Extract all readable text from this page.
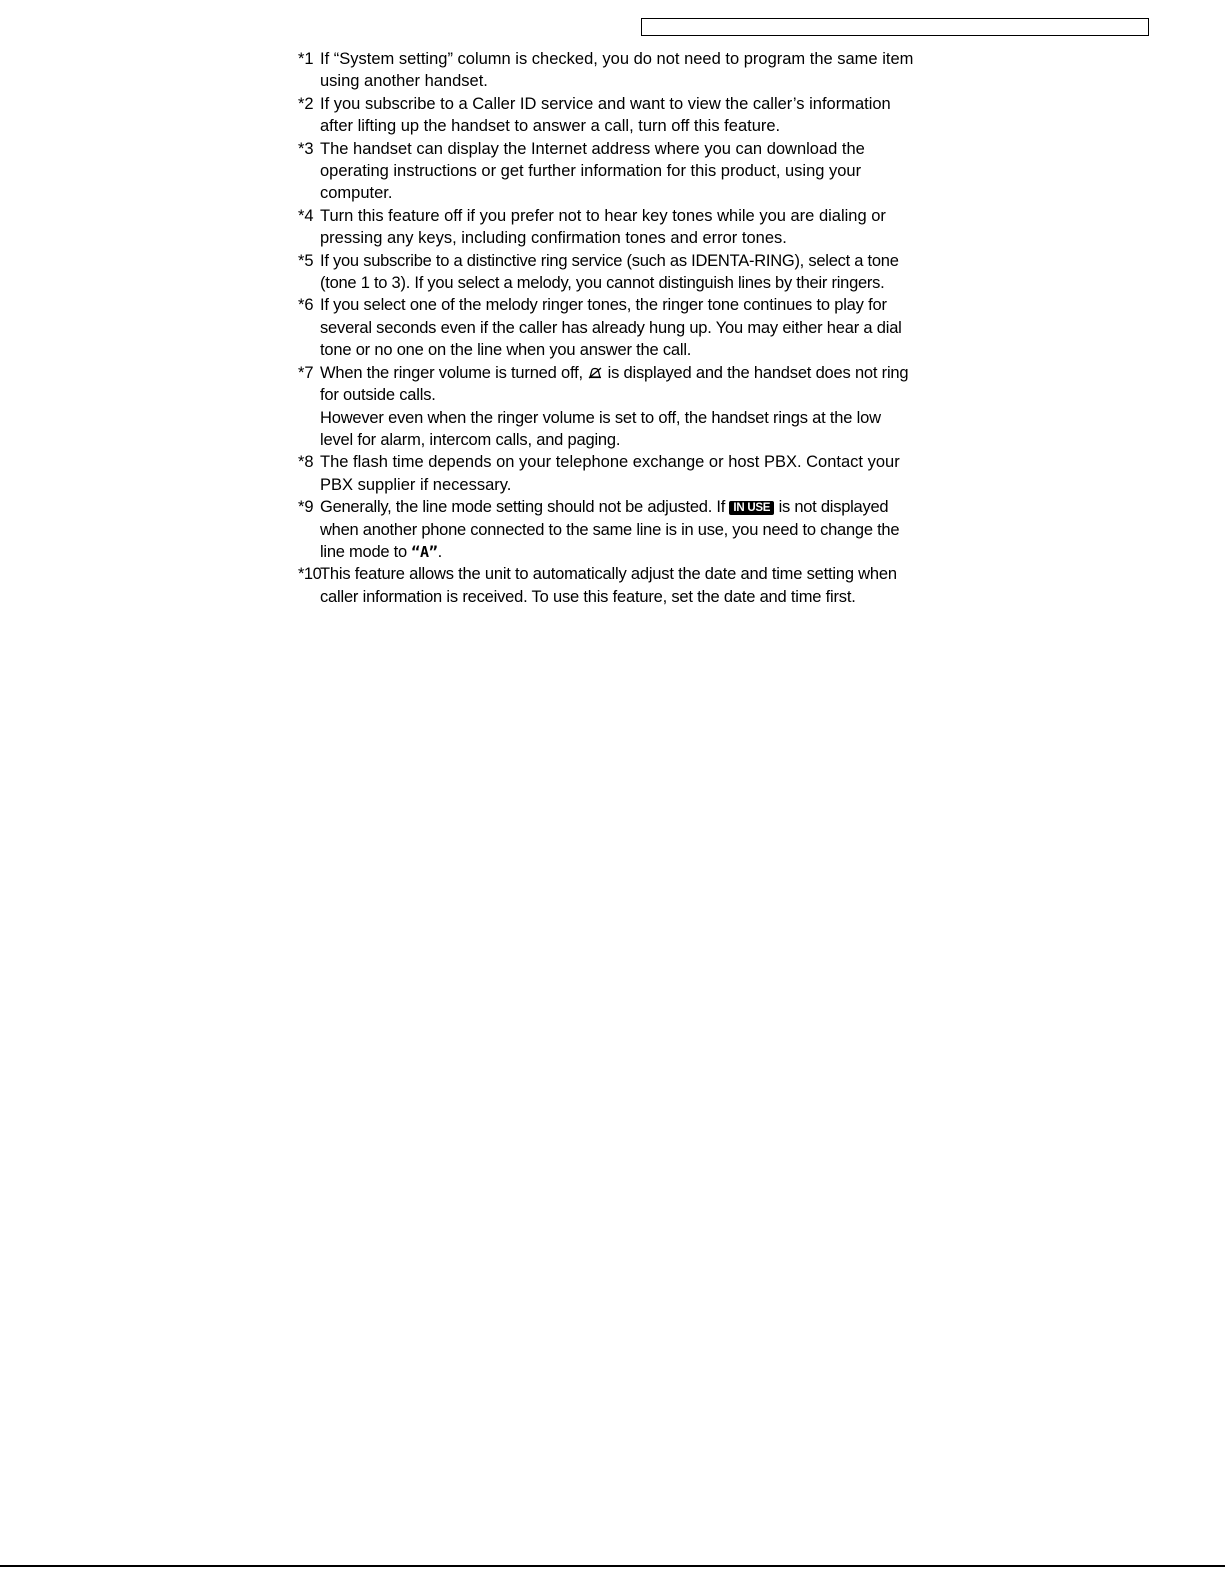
*1 If “System setting” column is checked, you do not need to program the same item
using another handset.
*2 If you subscribe to a Caller ID service and want to view the caller’s information
after lifting up the handset to answer a call, turn off this feature.
*3 The handset can display the Internet address where you can download the
operating instructions or get further information for this product, using your
computer.
*4 Turn this feature off if you prefer not to hear key tones while you are dialing or
pressing any keys, including confirmation tones and error tones.
*5 If you subscribe to a distinctive ring service (such as IDENTA-RING), select a tone
(tone 1 to 3). If you select a melody, you cannot distinguish lines by their ringers.
*6 If you select one of the melody ringer tones, the ringer tone continues to play for
several seconds even if the caller has already hung up. You may either hear a dial
tone or no one on the line when you answer the call.
*7 When the ringer volume is turned off, is displayed and the handset does not ring
for outside calls.
However even when the ringer volume is set to off, the handset rings at the low
level for alarm, intercom calls, and paging.
*8 The flash time depends on your telephone exchange or host PBX. Contact your
PBX supplier if necessary.
*9 Generally, the line mode setting should not be adjusted. If IN USE is not displayed
when another phone connected to the same line is in use, you need to change the
line mode to “A”.
*10
This feature allows the unit to automatically adjust the date and time setting when
caller information is received. To use this feature, set the date and time first.
